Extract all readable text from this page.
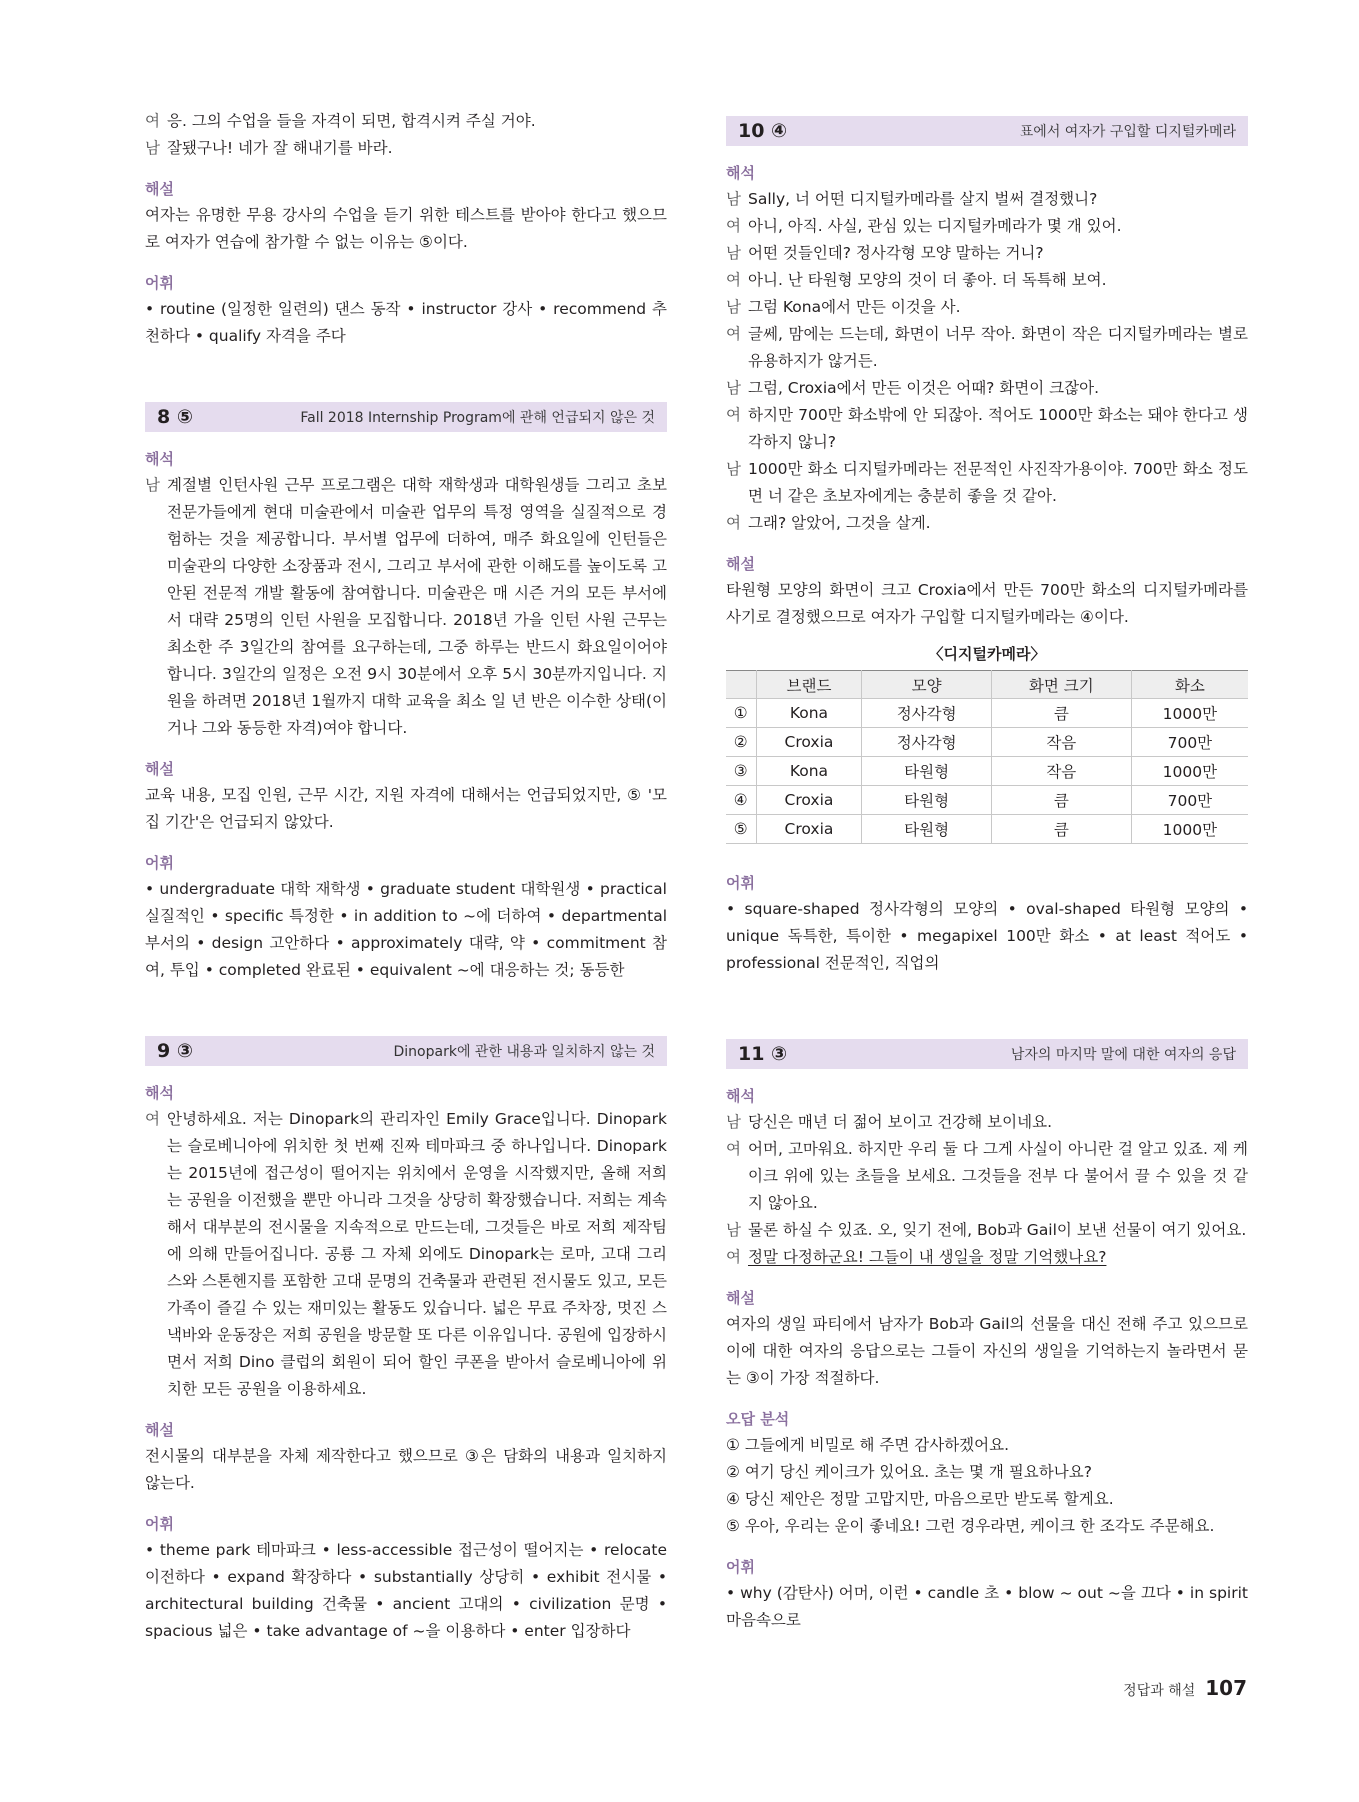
여 응. 그의 수업을 들을 자격이 되면, 합격시켜 주실 거야.
남 잘됐구나! 네가 잘 해내기를 바라.
해설
여자는 유명한 무용 강사의 수업을 듣기 위한 테스트를 받아야 한다고 했으므로 여자가 연습에 참가할 수 없는 이유는 ⑤이다.
어휘
• routine (일정한 일련의) 댄스 동작 • instructor 강사 • recommend 추천하다 • qualify 자격을 주다
8 ⑤	Fall 2018 Internship Program에 관해 언급되지 않은 것
해석
남 계절별 인턴사원 근무 프로그램은 대학 재학생과 대학원생들 그리고 초보 전문가들에게 현대 미술관에서 미술관 업무의 특정 영역을 실질적으로 경험하는 것을 제공합니다. 부서별 업무에 더하여, 매주 화요일에 인턴들은 미술관의 다양한 소장품과 전시, 그리고 부서에 관한 이해도를 높이도록 고안된 전문적 개발 활동에 참여합니다. 미술관은 매 시즌 거의 모든 부서에서 대략 25명의 인턴 사원을 모집합니다. 2018년 가을 인턴 사원 근무는 최소한 주 3일간의 참여를 요구하는데, 그중 하루는 반드시 화요일이어야 합니다. 3일간의 일정은 오전 9시 30분에서 오후 5시 30분까지입니다. 지원을 하려면 2018년 1월까지 대학 교육을 최소 일 년 반은 이수한 상태(이거나 그와 동등한 자격)여야 합니다.
해설
교육 내용, 모집 인원, 근무 시간, 지원 자격에 대해서는 언급되었지만, ⑤ '모집 기간'은 언급되지 않았다.
어휘
• undergraduate 대학 재학생 • graduate student 대학원생 • practical 실질적인 • specific 특정한 • in addition to ~에 더하여 • departmental 부서의 • design 고안하다 • approximately 대략, 약 • commitment 참여, 투입 • completed 완료된 • equivalent ~에 대응하는 것; 동등한
9 ③	Dinopark에 관한 내용과 일치하지 않는 것
해석
여 안녕하세요. 저는 Dinopark의 관리자인 Emily Grace입니다. Dinopark는 슬로베니아에 위치한 첫 번째 진짜 테마파크 중 하나입니다. Dinopark는 2015년에 접근성이 떨어지는 위치에서 운영을 시작했지만, 올해 저희는 공원을 이전했을 뿐만 아니라 그것을 상당히 확장했습니다. 저희는 계속해서 대부분의 전시물을 지속적으로 만드는데, 그것들은 바로 저희 제작팀에 의해 만들어집니다. 공룡 그 자체 외에도 Dinopark는 로마, 고대 그리스와 스톤헨지를 포함한 고대 문명의 건축물과 관련된 전시물도 있고, 모든 가족이 즐길 수 있는 재미있는 활동도 있습니다. 넓은 무료 주차장, 멋진 스낵바와 운동장은 저희 공원을 방문할 또 다른 이유입니다. 공원에 입장하시면서 저희 Dino 클럽의 회원이 되어 할인 쿠폰을 받아서 슬로베니아에 위치한 모든 공원을 이용하세요.
해설
전시물의 대부분을 자체 제작한다고 했으므로 ③은 담화의 내용과 일치하지 않는다.
어휘
• theme park 테마파크 • less-accessible 접근성이 떨어지는 • relocate 이전하다 • expand 확장하다 • substantially 상당히 • exhibit 전시물 • architectural building 건축물 • ancient 고대의 • civilization 문명 • spacious 넓은 • take advantage of ~을 이용하다 • enter 입장하다
10 ④	표에서 여자가 구입할 디지털카메라
해석
남 Sally, 너 어떤 디지털카메라를 살지 벌써 결정했니?
여 아니, 아직. 사실, 관심 있는 디지털카메라가 몇 개 있어.
남 어떤 것들인데? 정사각형 모양 말하는 거니?
여 아니. 난 타원형 모양의 것이 더 좋아. 더 독특해 보여.
남 그럼 Kona에서 만든 이것을 사.
여 글쎄, 맘에는 드는데, 화면이 너무 작아. 화면이 작은 디지털카메라는 별로 유용하지가 않거든.
남 그럼, Croxia에서 만든 이것은 어때? 화면이 크잖아.
여 하지만 700만 화소밖에 안 되잖아. 적어도 1000만 화소는 돼야 한다고 생각하지 않니?
남 1000만 화소 디지털카메라는 전문적인 사진작가용이야. 700만 화소 정도면 너 같은 초보자에게는 충분히 좋을 것 같아.
여 그래? 알았어, 그것을 살게.
해설
타원형 모양의 화면이 크고 Croxia에서 만든 700만 화소의 디지털카메라를 사기로 결정했으므로 여자가 구입할 디지털카메라는 ④이다.
〈디지털카메라〉
	브랜드	모양	화면 크기	화소
①	Kona	정사각형	큼	1000만
②	Croxia	정사각형	작음	700만
③	Kona	타원형	작음	1000만
④	Croxia	타원형	큼	700만
⑤	Croxia	타원형	큼	1000만
어휘
• square-shaped 정사각형의 모양의 • oval-shaped 타원형 모양의 • unique 독특한, 특이한 • megapixel 100만 화소 • at least 적어도 • professional 전문적인, 직업의
11 ③	남자의 마지막 말에 대한 여자의 응답
해석
남 당신은 매년 더 젊어 보이고 건강해 보이네요.
여 어머, 고마워요. 하지만 우리 둘 다 그게 사실이 아니란 걸 알고 있죠. 제 케이크 위에 있는 초들을 보세요. 그것들을 전부 다 불어서 끌 수 있을 것 같지 않아요.
남 물론 하실 수 있죠. 오, 잊기 전에, Bob과 Gail이 보낸 선물이 여기 있어요.
여 정말 다정하군요! 그들이 내 생일을 정말 기억했나요?
해설
여자의 생일 파티에서 남자가 Bob과 Gail의 선물을 대신 전해 주고 있으므로 이에 대한 여자의 응답으로는 그들이 자신의 생일을 기억하는지 놀라면서 묻는 ③이 가장 적절하다.
오답 분석
① 그들에게 비밀로 해 주면 감사하겠어요.
② 여기 당신 케이크가 있어요. 초는 몇 개 필요하나요?
④ 당신 제안은 정말 고맙지만, 마음으로만 받도록 할게요.
⑤ 우아, 우리는 운이 좋네요! 그런 경우라면, 케이크 한 조각도 주문해요.
어휘
• why (감탄사) 어머, 이런 • candle 초 • blow ~ out ~을 끄다 • in spirit 마음속으로
정답과 해설 107
